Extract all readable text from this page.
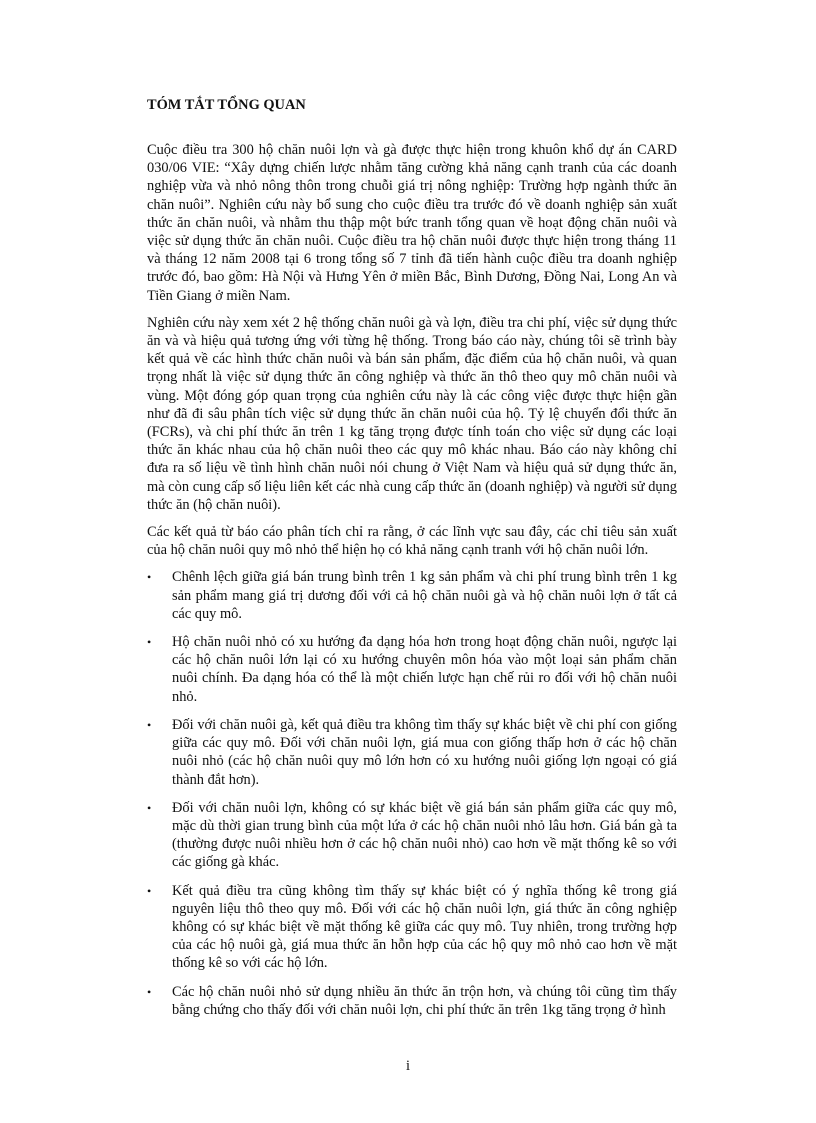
TÓM TẮT TỔNG QUAN

Cuộc điều tra 300 hộ chăn nuôi lợn và gà được thực hiện trong khuôn khổ dự án CARD 030/06 VIE: “Xây dựng chiến lược nhằm tăng cường khả năng cạnh tranh của các doanh nghiệp vừa và nhỏ nông thôn trong chuỗi giá trị nông nghiệp: Trường hợp ngành thức ăn chăn nuôi”. Nghiên cứu này bổ sung cho cuộc điều tra trước đó về doanh nghiệp sản xuất thức ăn chăn nuôi, và nhằm thu thập một bức tranh tổng quan về hoạt động chăn nuôi và việc sử dụng thức ăn chăn nuôi. Cuộc điều tra hộ chăn nuôi được thực hiện trong tháng 11 và tháng 12 năm 2008 tại 6 trong tổng số 7 tỉnh đã tiến hành cuộc điều tra doanh nghiệp trước đó, bao gồm: Hà Nội và Hưng Yên ở miền Bắc, Bình Dương, Đồng Nai, Long An và Tiền Giang ở miền Nam.

Nghiên cứu này xem xét 2 hệ thống chăn nuôi gà và lợn, điều tra chi phí, việc sử dụng thức ăn và và hiệu quả tương ứng với từng hệ thống. Trong báo cáo này, chúng tôi sẽ trình bày kết quả về các hình thức chăn nuôi và bán sản phẩm, đặc điểm của hộ chăn nuôi, và quan trọng nhất là việc sử dụng thức ăn công nghiệp và thức ăn thô theo quy mô chăn nuôi và vùng. Một đóng góp quan trọng của nghiên cứu này là các công việc được thực hiện gần như đã đi sâu phân tích việc sử dụng thức ăn chăn nuôi của hộ. Tỷ lệ chuyển đổi thức ăn (FCRs), và chi phí thức ăn trên 1 kg tăng trọng được tính toán cho việc sử dụng các loại thức ăn khác nhau của hộ chăn nuôi theo các quy mô khác nhau. Báo cáo này không chỉ đưa ra số liệu về tình hình chăn nuôi nói chung ở Việt Nam và hiệu quả sử dụng thức ăn, mà còn cung cấp số liệu liên kết các nhà cung cấp thức ăn (doanh nghiệp) và người sử dụng thức ăn (hộ chăn nuôi).

Các kết quả từ báo cáo phân tích chỉ ra rằng, ở các lĩnh vực sau đây, các chỉ tiêu sản xuất của hộ chăn nuôi quy mô nhỏ thể hiện họ có khả năng cạnh tranh với hộ chăn nuôi lớn.

• Chênh lệch giữa giá bán trung bình trên 1 kg sản phẩm và chi phí trung bình trên 1 kg sản phẩm mang giá trị dương đối với cả hộ chăn nuôi gà và hộ chăn nuôi lợn ở tất cả các quy mô.
• Hộ chăn nuôi nhỏ có xu hướng đa dạng hóa hơn trong hoạt động chăn nuôi, ngược lại các hộ chăn nuôi lớn lại có xu hướng chuyên môn hóa vào một loại sản phẩm chăn nuôi chính. Đa dạng hóa có thể là một chiến lược hạn chế rủi ro đối với hộ chăn nuôi nhỏ.
• Đối với chăn nuôi gà, kết quả điều tra không tìm thấy sự khác biệt về chi phí con giống giữa các quy mô. Đối với chăn nuôi lợn, giá mua con giống thấp hơn ở các hộ chăn nuôi nhỏ (các hộ chăn nuôi quy mô lớn hơn có xu hướng nuôi giống lợn ngoại có giá thành đắt hơn).
• Đối với chăn nuôi lợn, không có sự khác biệt về giá bán sản phẩm giữa các quy mô, mặc dù thời gian trung bình của một lứa ở các hộ chăn nuôi nhỏ lâu hơn. Giá bán gà ta (thường được nuôi nhiều hơn ở các hộ chăn nuôi nhỏ) cao hơn về mặt thống kê so với các giống gà khác.
• Kết quả điều tra cũng không tìm thấy sự khác biệt có ý nghĩa thống kê trong giá nguyên liệu thô theo quy mô. Đối với các hộ chăn nuôi lợn, giá thức ăn công nghiệp không có sự khác biệt về mặt thống kê giữa các quy mô. Tuy nhiên, trong trường hợp của các hộ nuôi gà, giá mua thức ăn hỗn hợp của các hộ quy mô nhỏ cao hơn về mặt thống kê so với các hộ lớn.
• Các hộ chăn nuôi nhỏ sử dụng nhiều ăn thức ăn trộn hơn, và chúng tôi cũng tìm thấy bằng chứng cho thấy đối với chăn nuôi lợn, chi phí thức ăn trên 1kg tăng trọng ở hình
i
